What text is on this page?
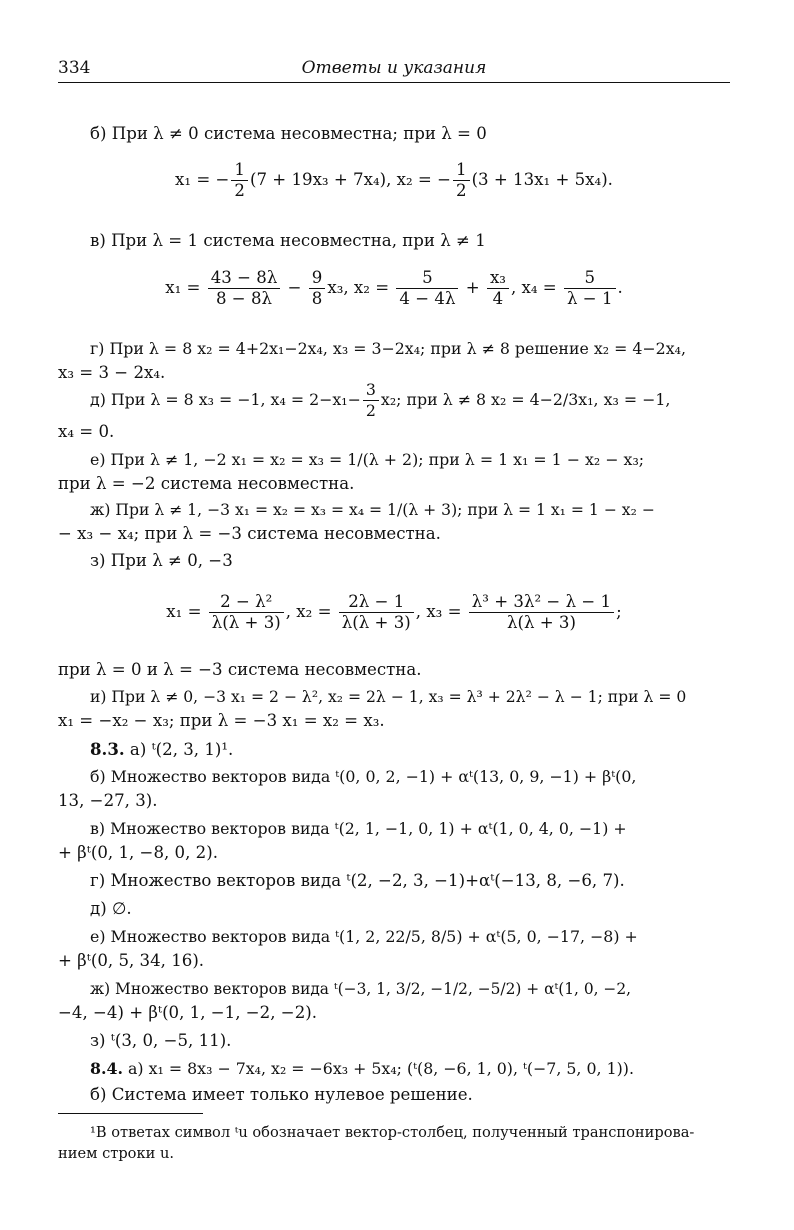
334	Ответы и указания
б) При λ ≠ 0 система несовместна; при λ = 0
x₁ = − $\frac{1}{2} (7 + 19x_3 + 7x_4)$, x₂ = − $\frac{1}{2} (3 + 13x_1 + 5x_4)$.
в) При λ = 1 система несовместна, при λ ≠ 1
$x_1 = \frac{43 - 8\lambda}{8 - 8\lambda} - \frac{9}{8} x_3$, $x_2 = \frac{5}{4 - 4\lambda} + \frac{\text{x₃}}{4}$ , $x_4 = \frac{5}{\lambda - 1}$ .
г) При λ = 8 x₂ = 4+2x₁−2x₄, x₃ = 3−2x₄; при λ ≠ 8 решение x₂ = 4−2x₄,
x₃ = 3 − 2x₄.
д) При λ = 8 x₃ = −1, $x_4 = 2-x_1- \frac{3}{2} x_2$; при λ ≠ 8 x₂ = 4−2/3x₁, x₃ = −1,
x₄ = 0.
е) При λ ≠ 1, −2 x₁ = x₂ = x₃ = 1/(λ + 2); при λ = 1 x₁ = 1 − x₂ − x₃;
при λ = −2 система несовместна.
ж) При λ ≠ 1, −3 x₁ = x₂ = x₃ = x₄ = 1/(λ + 3); при λ = 1 x₁ = 1 − x₂ −
− x₃ − x₄; при λ = −3 система несовместна.
з) При λ ≠ 0, −3
$x_1 = \frac{\text{2 − λ²}}{\lambda(\lambda + 3)}$ , $x_2 = \frac{2\lambda - 1}{\lambda(\lambda + 3)}$ , $x_3 = \frac{\text{λ³ + 3λ² − λ − 1}}{\lambda(\lambda + 3)}$ ;
при λ = 0 и λ = −3 система несовместна.
и) При λ ≠ 0, −3 x₁ = 2 − λ², x₂ = 2λ − 1, x₃ = λ³ + 2λ² − λ − 1; при λ = 0
x₁ = −x₂ − x₃; при λ = −3 x₁ = x₂ = x₃.
8.3. а) ᵗ(2, 3, 1)¹.
б) Множество векторов вида ᵗ(0, 0, 2, −1) + αᵗ(13, 0, 9, −1) + βᵗ(0,
13, −27, 3).
в) Множество векторов вида ᵗ(2, 1, −1, 0, 1) + αᵗ(1, 0, 4, 0, −1) +
+ βᵗ(0, 1, −8, 0, 2).
г) Множество векторов вида ᵗ(2, −2, 3, −1)+αᵗ(−13, 8, −6, 7).
д) ∅.
е) Множество векторов вида ᵗ(1, 2, 22/5, 8/5) + αᵗ(5, 0, −17, −8) +
+ βᵗ(0, 5, 34, 16).
ж) Множество векторов вида ᵗ(−3, 1, 3/2, −1/2, −5/2) + αᵗ(1, 0, −2,
−4, −4) + βᵗ(0, 1, −1, −2, −2).
з) ᵗ(3, 0, −5, 11).
8.4. а) x₁ = 8x₃ − 7x₄, x₂ = −6x₃ + 5x₄; (ᵗ(8, −6, 1, 0), ᵗ(−7, 5, 0, 1)).
б) Система имеет только нулевое решение.
¹В ответах символ ᵗu обозначает вектор-столбец, полученный транспонирова-
нием строки u.
